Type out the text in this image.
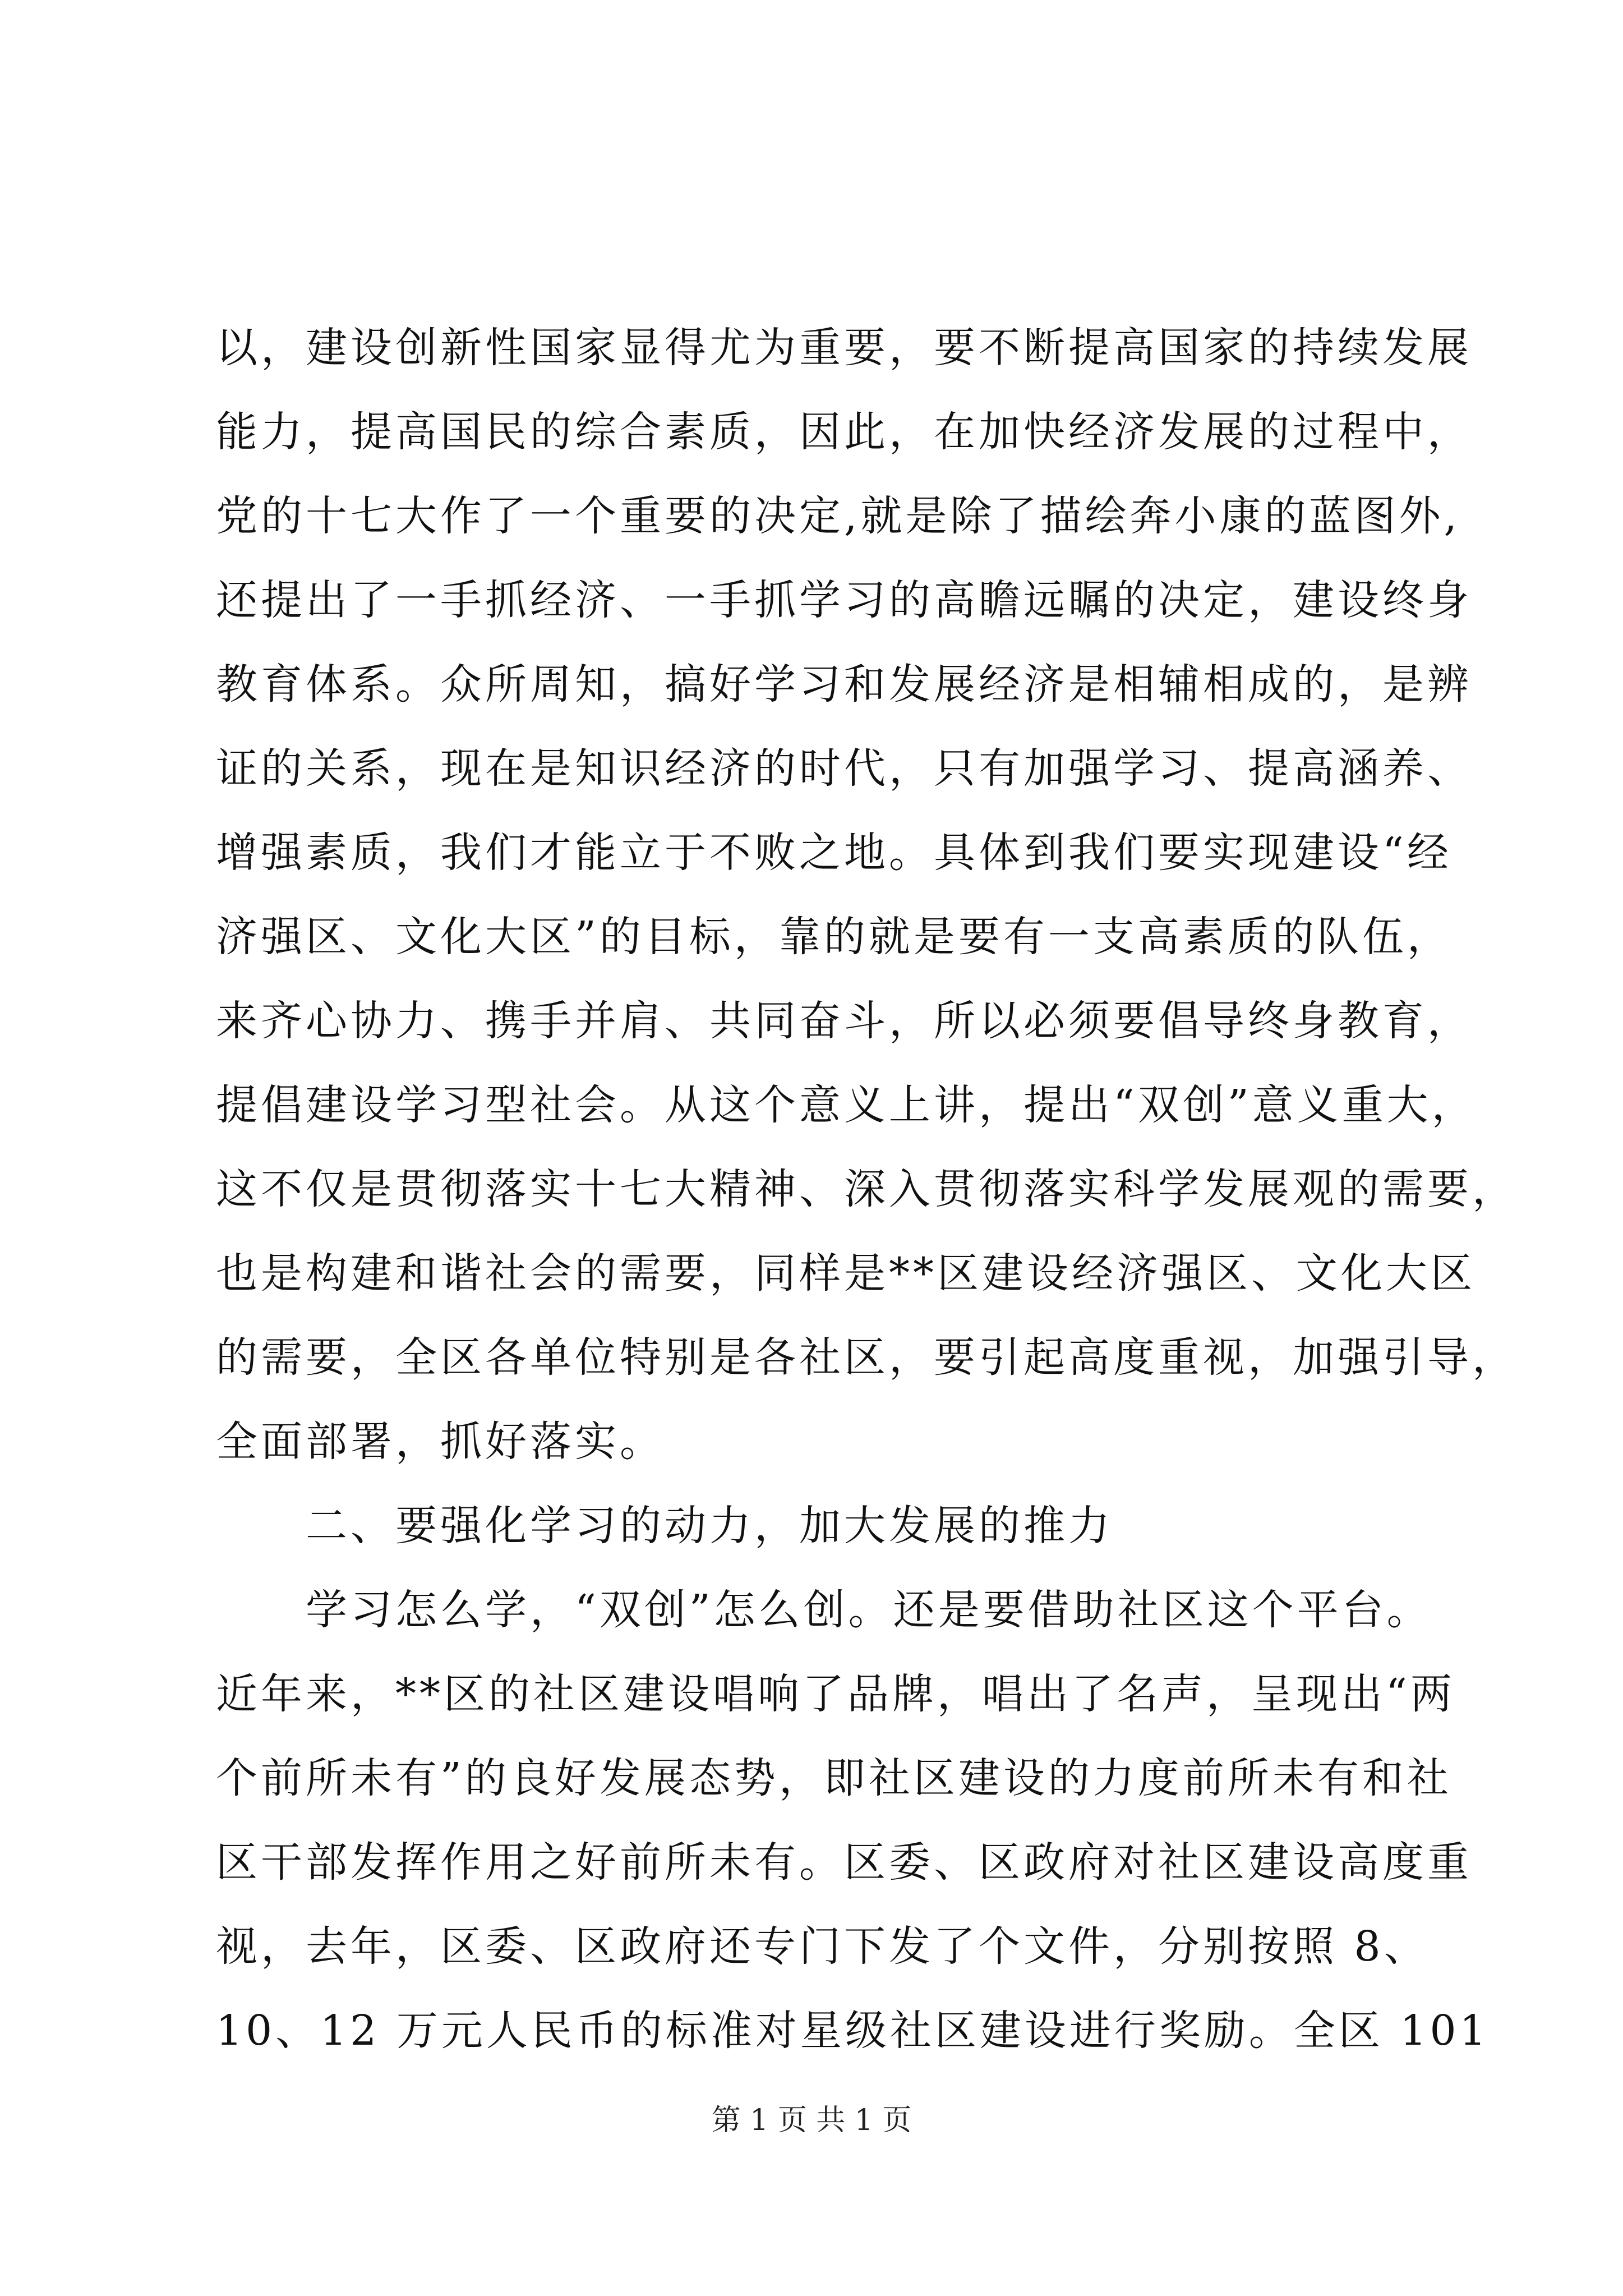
以，建设创新性国家显得尤为重要，要不断提高国家的持续发展
能力，提高国民的综合素质，因此，在加快经济发展的过程中，
党的十七大作了一个重要的决定,就是除了描绘奔小康的蓝图外,
还提出了一手抓经济、一手抓学习的高瞻远瞩的决定，建设终身
教育体系。众所周知，搞好学习和发展经济是相辅相成的，是辨
证的关系，现在是知识经济的时代，只有加强学习、提高涵养、
增强素质，我们才能立于不败之地。具体到我们要实现建设“经
济强区、文化大区”的目标，靠的就是要有一支高素质的队伍，
来齐心协力、携手并肩、共同奋斗，所以必须要倡导终身教育，
提倡建设学习型社会。从这个意义上讲，提出“双创”意义重大，
这不仅是贯彻落实十七大精神、深入贯彻落实科学发展观的需要，
也是构建和谐社会的需要，同样是**区建设经济强区、文化大区
的需要，全区各单位特别是各社区，要引起高度重视，加强引导，
全面部署，抓好落实。
二、要强化学习的动力，加大发展的推力
学习怎么学，“双创”怎么创。还是要借助社区这个平台。
近年来，**区的社区建设唱响了品牌，唱出了名声，呈现出“两
个前所未有”的良好发展态势，即社区建设的力度前所未有和社
区干部发挥作用之好前所未有。区委、区政府对社区建设高度重
视，去年，区委、区政府还专门下发了个文件，分别按照 8、
10、12 万元人民币的标准对星级社区建设进行奖励。全区 101
第 1 页 共 1 页
